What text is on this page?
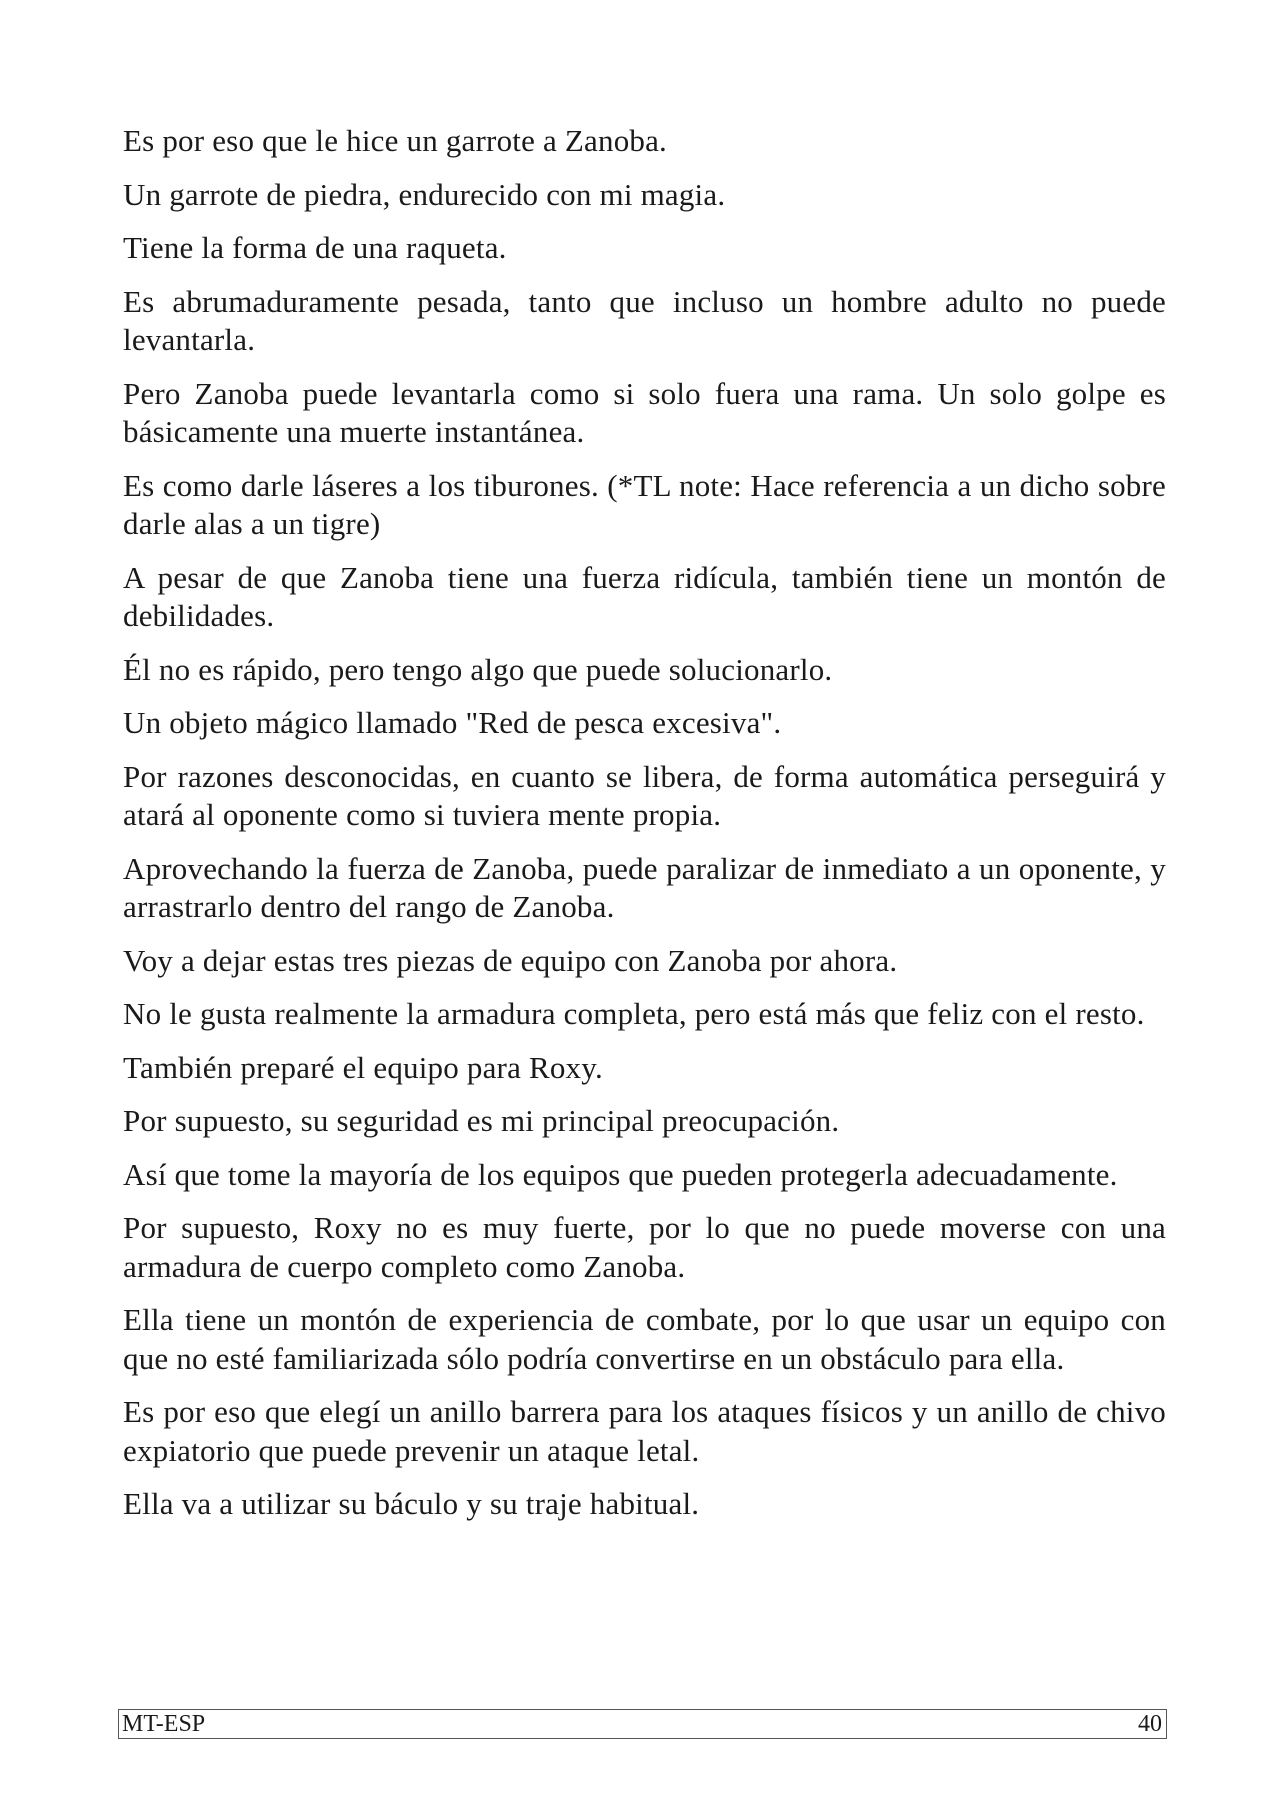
Es por eso que le hice un garrote a Zanoba.

Un garrote de piedra, endurecido con mi magia.

Tiene la forma de una raqueta.

Es abrumaduramente pesada, tanto que incluso un hombre adulto no puede levantarla.

Pero Zanoba puede levantarla como si solo fuera una rama. Un solo golpe es básicamente una muerte instantánea.

Es como darle láseres a los tiburones. (*TL note: Hace referencia a un dicho sobre darle alas a un tigre)

A pesar de que Zanoba tiene una fuerza ridícula, también tiene un montón de debilidades.

Él no es rápido, pero tengo algo que puede solucionarlo.

Un objeto mágico llamado "Red de pesca excesiva".

Por razones desconocidas, en cuanto se libera, de forma automática perseguirá y atará al oponente como si tuviera mente propia.

Aprovechando la fuerza de Zanoba, puede paralizar de inmediato a un oponente, y arrastrarlo dentro del rango de Zanoba.

Voy a dejar estas tres piezas de equipo con Zanoba por ahora.

No le gusta realmente la armadura completa, pero está más que feliz con el resto.

También preparé el equipo para Roxy.

Por supuesto, su seguridad es mi principal preocupación.

Así que tome la mayoría de los equipos que pueden protegerla adecuadamente.

Por supuesto, Roxy no es muy fuerte, por lo que no puede moverse con una armadura de cuerpo completo como Zanoba.

Ella tiene un montón de experiencia de combate, por lo que usar un equipo con que no esté familiarizada sólo podría convertirse en un obstáculo para ella.

Es por eso que elegí un anillo barrera para los ataques físicos y un anillo de chivo expiatorio que puede prevenir un ataque letal.

Ella va a utilizar su báculo y su traje habitual.

MT-ESP	40
